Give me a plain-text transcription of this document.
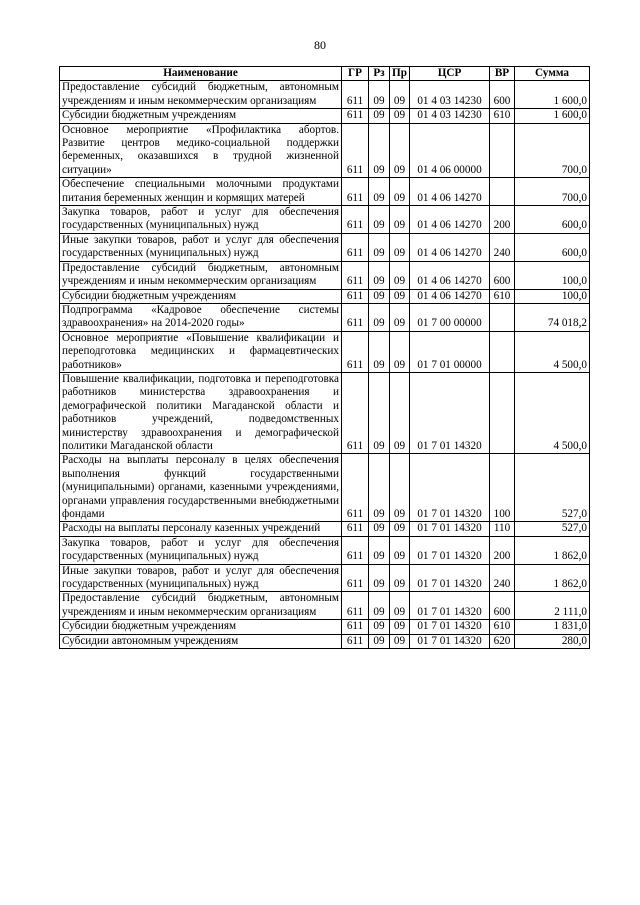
80
Наименование	ГР	Рз	Пр	ЦСР	ВР	Сумма
Предоставление субсидий бюджетным, автономным учреждениям и иным некоммерческим организациям	611	09	09	01 4 03 14230	600	1 600,0
Субсидии бюджетным учреждениям	611	09	09	01 4 03 14230	610	1 600,0
Основное мероприятие «Профилактика абортов. Развитие центров медико-социальной поддержки беременных, оказавшихся в трудной жизненной ситуации»	611	09	09	01 4 06 00000		700,0
Обеспечение специальными молочными продуктами питания беременных женщин и кормящих матерей	611	09	09	01 4 06 14270		700,0
Закупка товаров, работ и услуг для обеспечения государственных (муниципальных) нужд	611	09	09	01 4 06 14270	200	600,0
Иные закупки товаров, работ и услуг для обеспечения государственных (муниципальных) нужд	611	09	09	01 4 06 14270	240	600,0
Предоставление субсидий бюджетным, автономным учреждениям и иным некоммерческим организациям	611	09	09	01 4 06 14270	600	100,0
Субсидии бюджетным учреждениям	611	09	09	01 4 06 14270	610	100,0
Подпрограмма «Кадровое обеспечение системы здравоохранения» на 2014-2020 годы»	611	09	09	01 7 00 00000		74 018,2
Основное мероприятие «Повышение квалификации и переподготовка медицинских и фармацевтических работников»	611	09	09	01 7 01 00000		4 500,0
Повышение квалификации, подготовка и переподготовка работников министерства здравоохранения и демографической политики Магаданской области и работников учреждений, подведомственных министерству здравоохранения и демографической политики Магаданской области	611	09	09	01 7 01 14320		4 500,0
Расходы на выплаты персоналу в целях обеспечения выполнения функций государственными (муниципальными) органами, казенными учреждениями, органами управления государственными внебюджетными фондами	611	09	09	01 7 01 14320	100	527,0
Расходы на выплаты персоналу казенных учреждений	611	09	09	01 7 01 14320	110	527,0
Закупка товаров, работ и услуг для обеспечения государственных (муниципальных) нужд	611	09	09	01 7 01 14320	200	1 862,0
Иные закупки товаров, работ и услуг для обеспечения государственных (муниципальных) нужд	611	09	09	01 7 01 14320	240	1 862,0
Предоставление субсидий бюджетным, автономным учреждениям и иным некоммерческим организациям	611	09	09	01 7 01 14320	600	2 111,0
Субсидии бюджетным учреждениям	611	09	09	01 7 01 14320	610	1 831,0
Субсидии автономным учреждениям	611	09	09	01 7 01 14320	620	280,0
